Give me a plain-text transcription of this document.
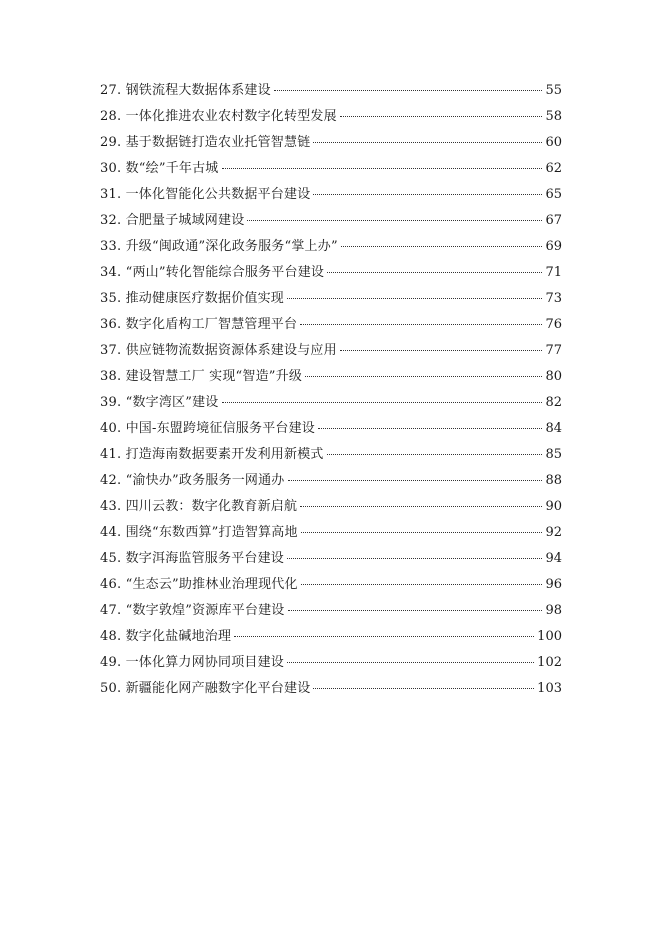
27. 钢铁流程大数据体系建设	55
28. 一体化推进农业农村数字化转型发展	58
29. 基于数据链打造农业托管智慧链	60
30. 数“绘”千年古城	62
31. 一体化智能化公共数据平台建设	65
32. 合肥量子城域网建设	67
33. 升级“闽政通”深化政务服务“掌上办”	69
34. “两山”转化智能综合服务平台建设	71
35. 推动健康医疗数据价值实现	73
36. 数字化盾构工厂智慧管理平台	76
37. 供应链物流数据资源体系建设与应用	77
38. 建设智慧工厂 实现“智造”升级	80
39. “数字湾区”建设	82
40. 中国-东盟跨境征信服务平台建设	84
41. 打造海南数据要素开发利用新模式	85
42. “渝快办”政务服务一网通办	88
43. 四川云教：数字化教育新启航	90
44. 围绕“东数西算”打造智算高地	92
45. 数字洱海监管服务平台建设	94
46. “生态云”助推林业治理现代化	96
47. “数字敦煌”资源库平台建设	98
48. 数字化盐碱地治理	100
49. 一体化算力网协同项目建设	102
50. 新疆能化网产融数字化平台建设	103
